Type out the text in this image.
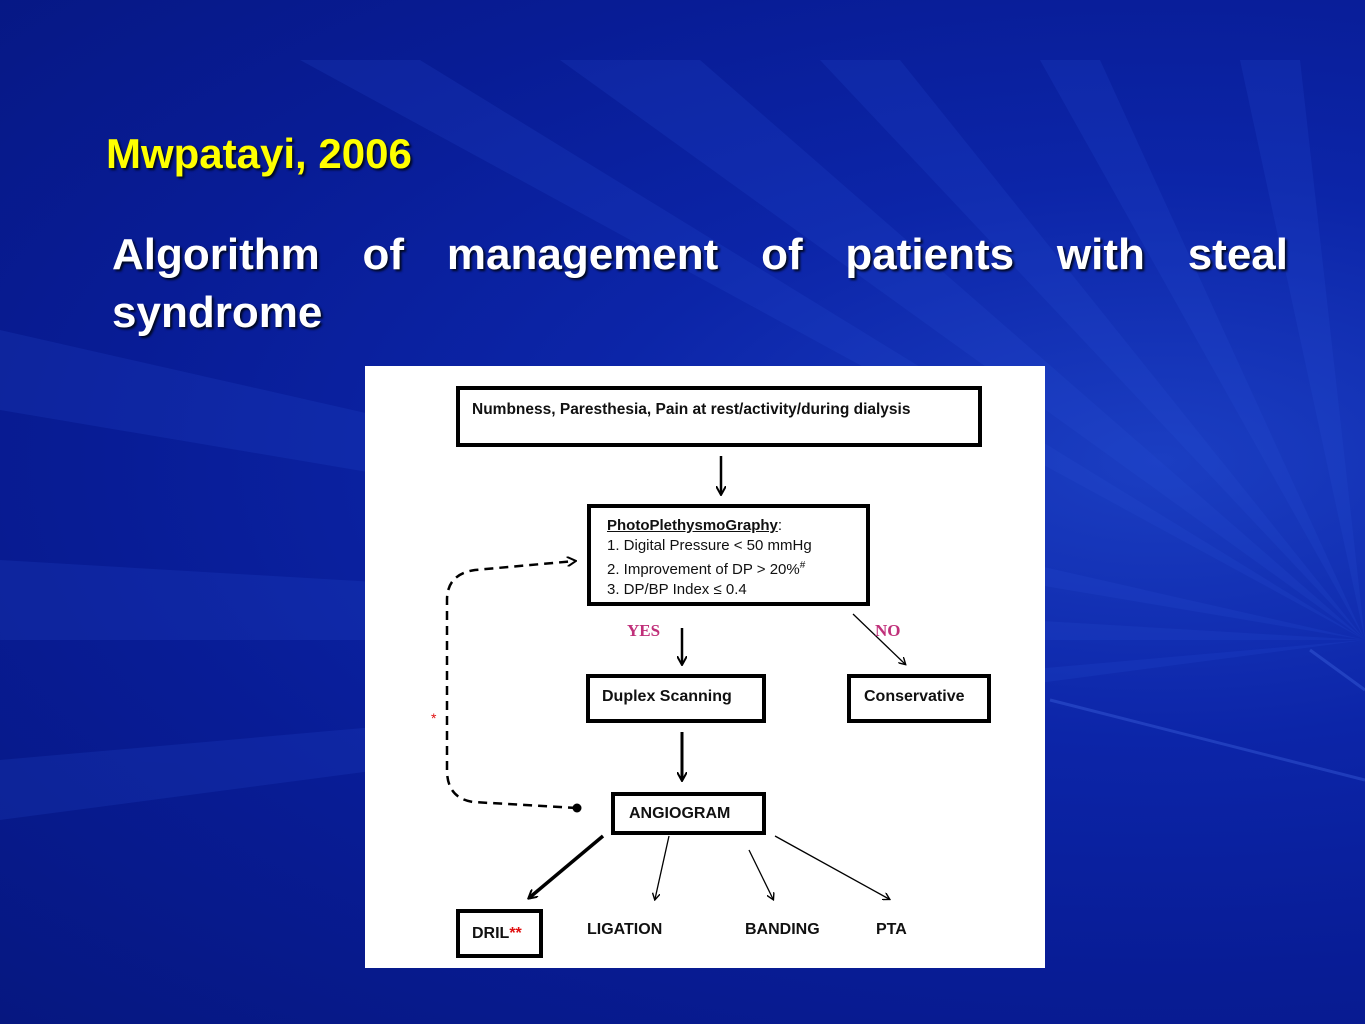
Mwpatayi, 2006
Algorithm of management of patients with steal syndrome
Numbness, Paresthesia, Pain at rest/activity/during dialysis
PhotoPlethysmoGraphy:
1. Digital Pressure < 50 mmHg
2. Improvement of DP > 20%#
3. DP/BP Index ≤ 0.4
YES	NO
Duplex Scanning	Conservative
ANGIOGRAM
*
DRIL**	LIGATION	BANDING	PTA
